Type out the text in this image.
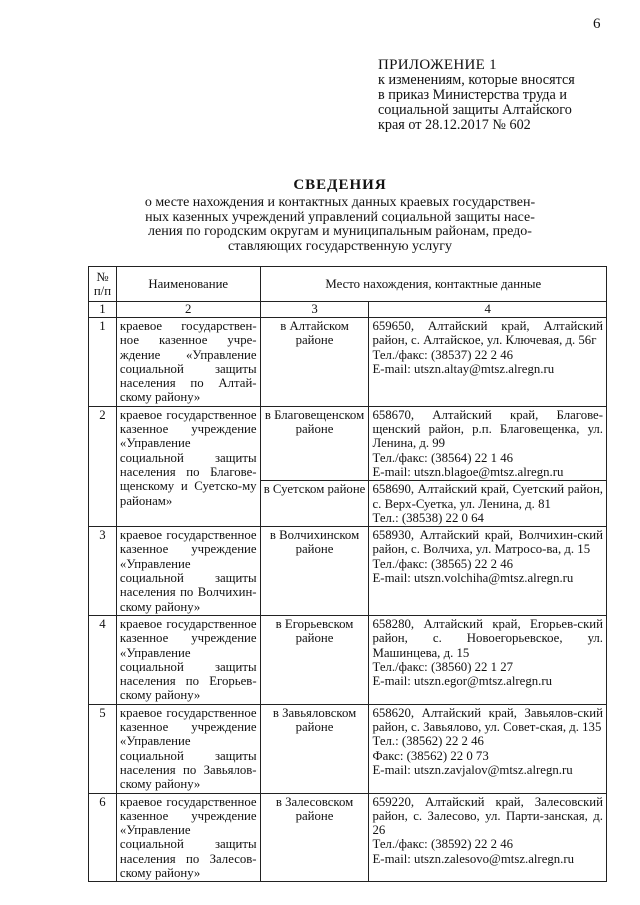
6
ПРИЛОЖЕНИЕ 1
к изменениям, которые вносятся
в приказ Министерства труда и
социальной защиты Алтайского
края от 28.12.2017 № 602
СВЕДЕНИЯ
о месте нахождения и контактных данных краевых государствен-
ных казенных учреждений управлений социальной защиты насе-
ления по городским округам и муниципальным районам, предо-
ставляющих государственную услугу
№ п/п	Наименование	Место нахождения, контактные данные	
1	2	3	4
1	краевое государствен-ное казенное учре-ждение «Управление социальной защиты населения по Алтай-скому району»	в Алтайском районе	659650, Алтайский край, Алтайский район, с. Алтайское, ул. Ключевая, д. 56г
Тел./факс: (38537) 22 2 46
E-mail: utszn.altay@mtsz.alregn.ru

2	краевое государственное казенное учреждение «Управление социальной защиты населения по Благове-щенскому и Суетско-му районам»	в Благовещенском районе	658670, Алтайский край, Благове-щенский район, р.п. Благовещенка, ул. Ленина, д. 99
Тел./факс: (38564) 22 1 46
E-mail: utszn.blagoe@mtsz.alregn.ru

		в Суетском районе	658690, Алтайский край, Суетский район, с. Верх-Суетка, ул. Ленина, д. 81
Тел.: (38538) 22 0 64

3	краевое государственное казенное учреждение «Управление социальной защиты населения по Волчихин-скому району»	в Волчихинском районе	658930, Алтайский край, Волчихин-ский район, с. Волчиха, ул. Матросо-ва, д. 15
Тел./факс: (38565) 22 2 46
E-mail: utszn.volchiha@mtsz.alregn.ru

4	краевое государственное казенное учреждение «Управление социальной защиты населения по Егорьев-скому району»	в Егорьевском районе	658280, Алтайский край, Егорьев-ский район, с. Новоегорьевское, ул. Машинцева, д. 15
Тел./факс: (38560) 22 1 27
E-mail: utszn.egor@mtsz.alregn.ru

5	краевое государственное казенное учреждение «Управление социальной защиты населения по Завьялов-скому району»	в Завьяловском районе	658620, Алтайский край, Завьялов-ский район, с. Завьялово, ул. Совет-ская, д. 135
Тел.: (38562) 22 2 46
Факс: (38562) 22 0 73
E-mail: utszn.zavjalov@mtsz.alregn.ru

6	краевое государственное казенное учреждение «Управление социальной защиты населения по Залесов-скому району»	в Залесовском районе	659220, Алтайский край, Залесовский район, с. Залесово, ул. Парти-занская, д. 26
Тел./факс: (38592) 22 2 46
E-mail: utszn.zalesovo@mtsz.alregn.ru
